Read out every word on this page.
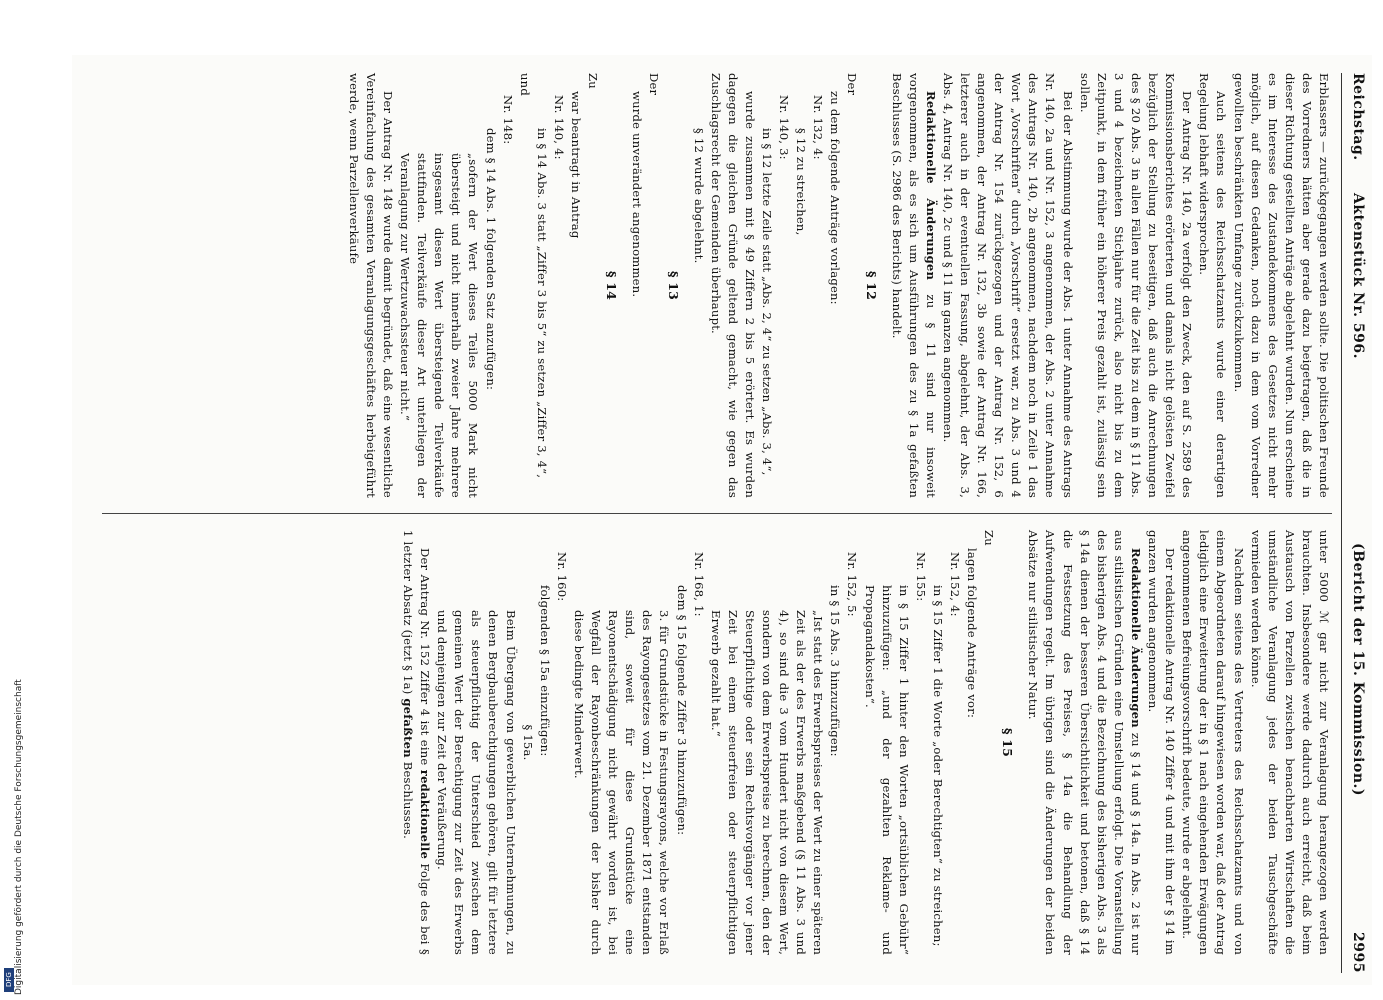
Reichstag.
Aktenstück Nr. 596.
(Bericht der 15. Kommission.)
2995

Erblassers — zurückgegangen werden sollte. Die politischen Freunde des Vorredners hätten aber gerade dazu beigetragen, daß die in dieser Richtung gestellten Anträge abgelehnt wurden. Nun erscheine es im Interesse des Zustandekommens des Gesetzes nicht mehr möglich, auf diesen Gedanken, noch dazu in dem vom Vorredner gewollten beschränkten Umfange zurückzukommen.

Auch seitens des Reichsschatzamts wurde einer derartigen Regelung lebhaft widersprochen.

Der Antrag Nr. 140, 2a verfolgt den Zweck, den auf S. 2589 des Kommissionsberichtes erörterten und damals nicht gelösten Zweifel bezüglich der Stellung zu beseitigen, daß auch die Anrechnungen des § 20 Abs. 3 in allen Fällen nur für die Zeit bis zu dem in § 11 Abs. 3 und 4 bezeichneten Stichjahre zurück, also nicht bis zu dem Zeitpunkt, in dem früher ein höherer Preis gezahlt ist, zulässig sein sollen.

Bei der Abstimmung wurde der Abs. 1 unter Annahme des Antrags Nr. 140, 2a und Nr. 152, 3 angenommen, der Abs. 2 unter Annahme des Antrags Nr. 140, 2b angenommen, nachdem noch in Zeile 1 das Wort „Vorschriften“ durch „Vorschrift“ ersetzt war, zu Abs. 3 und 4 der Antrag Nr. 154 zurückgezogen und der Antrag Nr. 152, 6 angenommen, der Antrag Nr. 132, 3b sowie der Antrag Nr. 166, letzterer auch in der eventuellen Fassung, abgelehnt, der Abs. 3, Abs. 4, Antrag Nr. 140, 2c und § 11 im ganzen angenommen.

Redaktionelle Änderungen zu § 11 sind nur insoweit vorgenommen, als es sich um Ausführungen des zu § 1a gefaßten Beschlusses (S. 2986 des Berichts) handelt.

§ 12

Der

zu dem folgende Anträge vorlagen:

Nr. 132, 4:

§ 12 zu streichen,

Nr. 140, 3:

in § 12 letzte Zeile statt „Abs. 2, 4“ zu setzen „Abs. 3, 4“,

wurde zusammen mit § 49 Ziffern 2 bis 5 erörtert. Es wurden dagegen die gleichen Gründe geltend gemacht, wie gegen das Zuschlagsrecht der Gemeinden überhaupt.

§ 12 wurde abgelehnt.

§ 13

Der

wurde unverändert angenommen.

§ 14

Zu

war beantragt in Antrag

Nr. 140, 4:

in § 14 Abs. 3 statt „Ziffer 3 bis 5“ zu setzen „Ziffer 3, 4“,

und

Nr. 148:

dem § 14 Abs. 1 folgenden Satz anzufügen:

„sofern der Wert dieses Teiles 5000 Mark nicht übersteigt und nicht innerhalb zweier Jahre mehrere insgesamt diesen Wert übersteigende Teilverkäufe stattfinden. Teilverkäufe dieser Art unterliegen der Veranlagung zur Wertzuwachssteuer nicht.“

Der Antrag Nr. 148 wurde damit begründet, daß eine wesentliche Vereinfachung des gesamten Veranlagungsgeschäftes herbeigeführt werde, wenn Parzellenverkäufe

unter 5000 ℳ gar nicht zur Veranlagung herangezogen werden brauchten. Insbesondere werde dadurch auch erreicht, daß beim Austausch von Parzellen zwischen benachbarten Wirtschaften die umständliche Veranlagung jedes der beiden Tauschgeschäfte vermieden werden könne.

Nachdem seitens des Vertreters des Reichsschatzamts und von einem Abgeordneten darauf hingewiesen worden war, daß der Antrag lediglich eine Erweiterung der in § 1 nach eingehenden Erwägungen angenommenen Befreiungsvorschrift bedeute, wurde er abgelehnt.

Der redaktionelle Antrag Nr. 140 Ziffer 4 und mit ihm der § 14 im ganzen wurden angenommen.

Redaktionelle Änderungen zu § 14 und § 14a. In Abs. 2 ist nur aus stilistischen Gründen eine Umstellung erfolgt. Die Voranstellung des bisherigen Abs. 4 und die Bezeichnung des bisherigen Abs. 3 als § 14a dienen der besseren Übersichtlichkeit und betonen, daß § 14 die Festsetzung des Preises, § 14a die Behandlung der Aufwendungen regelt. Im übrigen sind die Änderungen der beiden Absätze nur stilistischer Natur.

§ 15

Zu

lagen folgende Anträge vor:

Nr. 152, 4:

in § 15 Ziffer 1 die Worte „oder Berechtigten“ zu streichen;

Nr. 155:

in § 15 Ziffer 1 hinter den Worten „ortsüblichen Gebühr“ hinzuzufügen: „und der gezahlten Reklame- und Propagandakosten“.

Nr. 152, 5:

in § 15 Abs. 3 hinzuzufügen:

„Ist statt des Erwerbspreises der Wert zu einer späteren Zeit als der des Erwerbs maßgebend (§ 11 Abs. 3 und 4), so sind die 3 vom Hundert nicht von diesem Wert, sondern von dem Erwerbspreise zu berechnen, den der Steuerpflichtige oder sein Rechtsvorgänger vor jener Zeit bei einem steuerfreien oder steuerpflichtigen Erwerb gezahlt hat.“

Nr. 168, 1:

dem § 15 folgende Ziffer 3 hinzuzufügen:

3. für Grundstücke in Festungsrayons, welche vor Erlaß des Rayongesetzes vom 21. Dezember 1871 entstanden sind, soweit für diese Grundstücke eine Rayonentschädigung nicht gewährt worden ist, bei Wegfall der Rayonbeschränkungen der bisher durch diese bedingte Minderwert.

Nr. 160:

folgenden § 15a einzufügen:

§ 15a.

Beim Übergang von gewerblichen Unternehmungen, zu denen Bergbauberechtigungen gehören, gilt für letztere als steuerpflichtig der Unterschied zwischen dem gemeinen Wert der Berechtigung zur Zeit des Erwerbs und demjenigen zur Zeit der Veräußerung.

Der Antrag Nr. 152 Ziffer 4 ist eine redaktionelle Folge des bei § 1 letzter Absatz (jetzt § 1a) gefaßten Beschlusses.

Digitalisierung gefördert durch die Deutsche Forschungsgemeinschaft
DFG
